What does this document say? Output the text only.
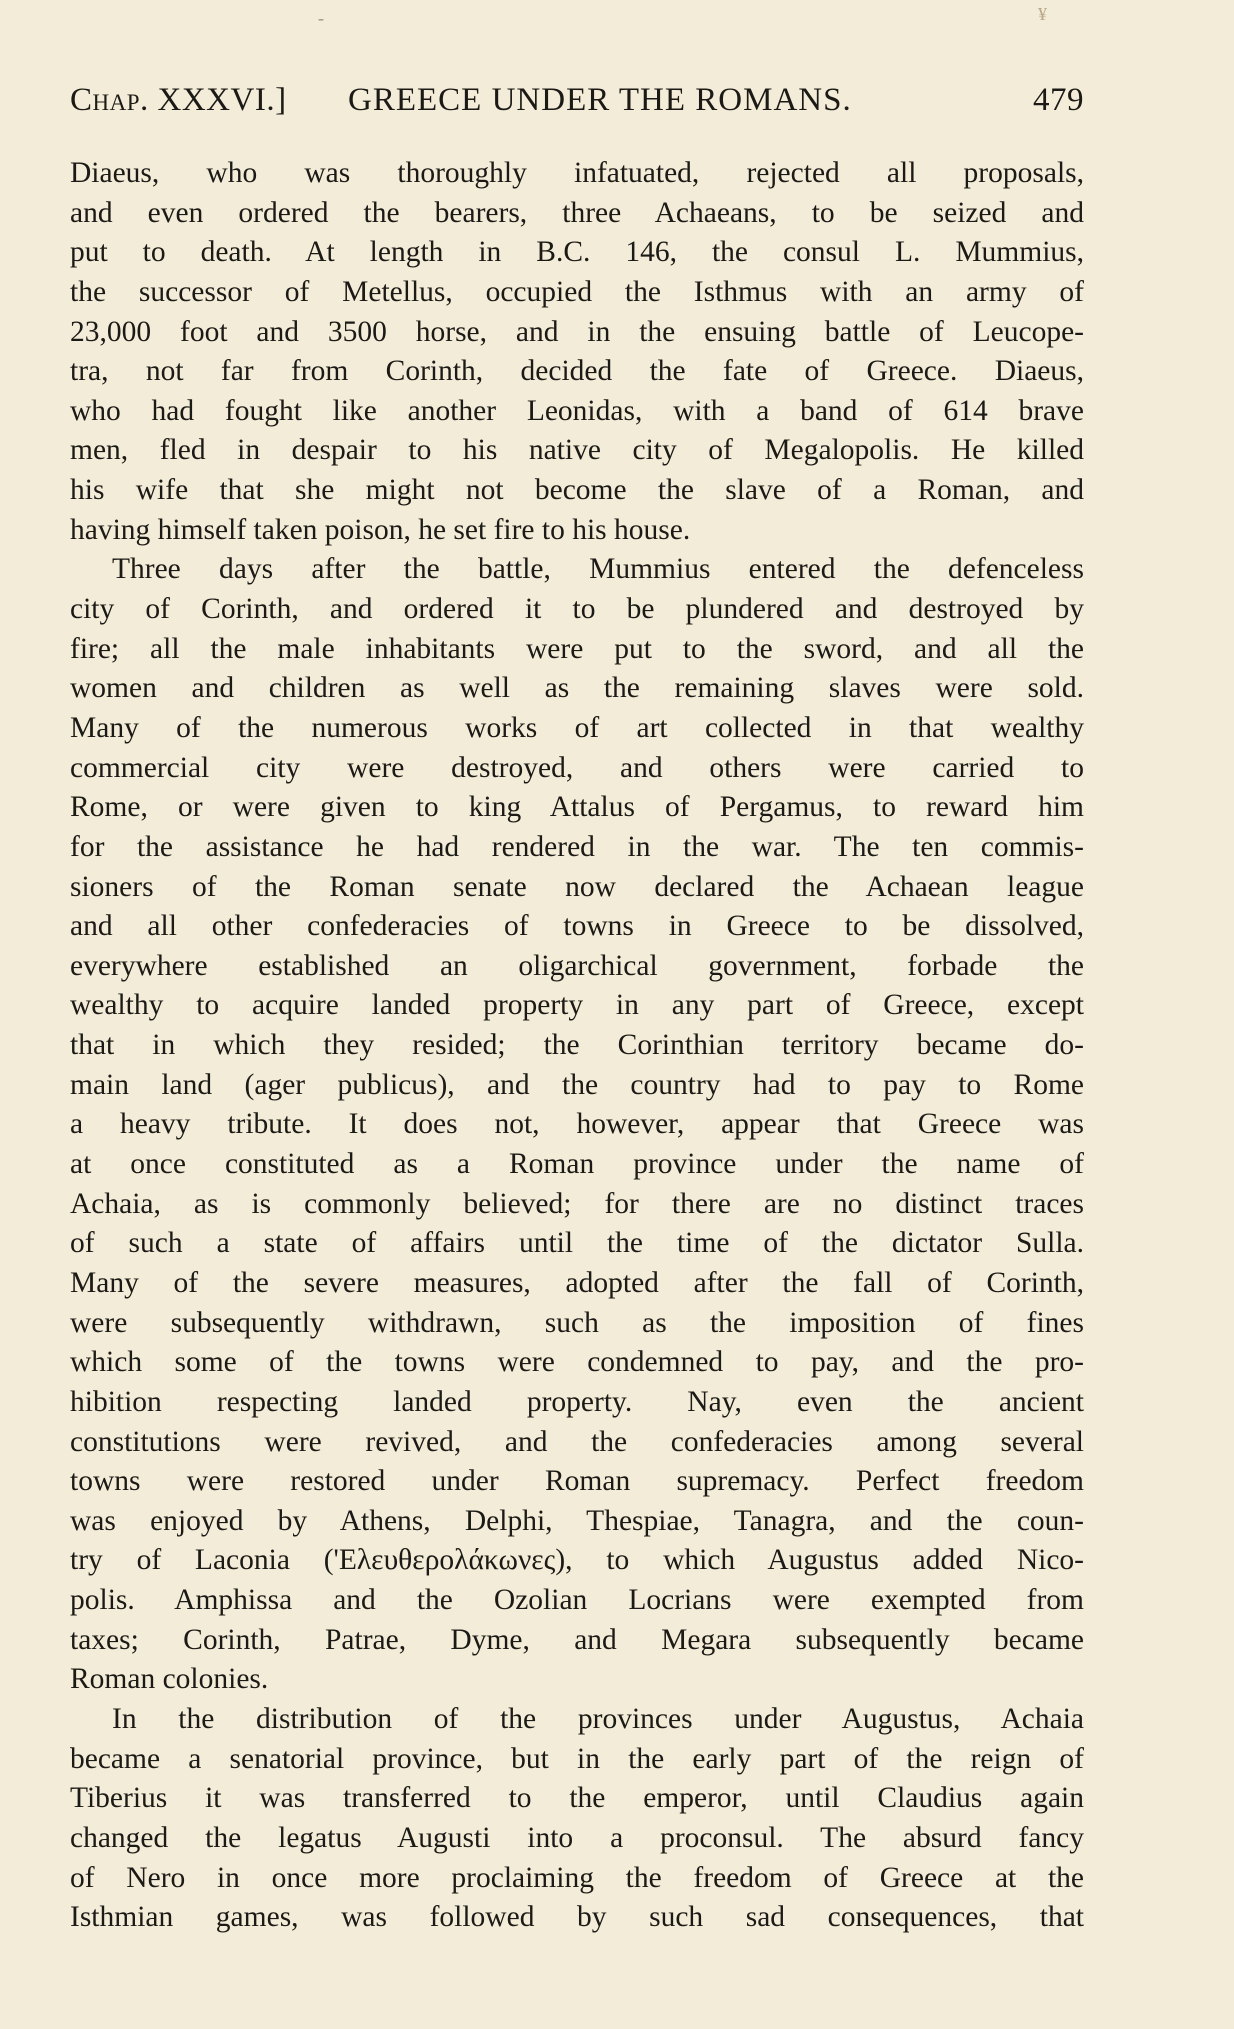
-	¥
Chap. XXXVI.] GREECE UNDER THE ROMANS.	479
Diaeus, who was thoroughly infatuated, rejected all proposals,
and even ordered the bearers, three Achaeans, to be seized and
put to death. At length in B.C. 146, the consul L. Mummius,
the successor of Metellus, occupied the Isthmus with an army of
23,000 foot and 3500 horse, and in the ensuing battle of Leucope-
tra, not far from Corinth, decided the fate of Greece. Diaeus,
who had fought like another Leonidas, with a band of 614 brave
men, fled in despair to his native city of Megalopolis. He killed
his wife that she might not become the slave of a Roman, and
having himself taken poison, he set fire to his house.
Three days after the battle, Mummius entered the defenceless
city of Corinth, and ordered it to be plundered and destroyed by
fire; all the male inhabitants were put to the sword, and all the
women and children as well as the remaining slaves were sold.
Many of the numerous works of art collected in that wealthy
commercial city were destroyed, and others were carried to
Rome, or were given to king Attalus of Pergamus, to reward him
for the assistance he had rendered in the war. The ten commis-
sioners of the Roman senate now declared the Achaean league
and all other confederacies of towns in Greece to be dissolved,
everywhere established an oligarchical government, forbade the
wealthy to acquire landed property in any part of Greece, except
that in which they resided; the Corinthian territory became do-
main land (ager publicus), and the country had to pay to Rome
a heavy tribute. It does not, however, appear that Greece was
at once constituted as a Roman province under the name of
Achaia, as is commonly believed; for there are no distinct traces
of such a state of affairs until the time of the dictator Sulla.
Many of the severe measures, adopted after the fall of Corinth,
were subsequently withdrawn, such as the imposition of fines
which some of the towns were condemned to pay, and the pro-
hibition respecting landed property. Nay, even the ancient
constitutions were revived, and the confederacies among several
towns were restored under Roman supremacy. Perfect freedom
was enjoyed by Athens, Delphi, Thespiae, Tanagra, and the coun-
try of Laconia ('Ελευθερολάκωνες), to which Augustus added Nico-
polis. Amphissa and the Ozolian Locrians were exempted from
taxes; Corinth, Patrae, Dyme, and Megara subsequently became
Roman colonies.
In the distribution of the provinces under Augustus, Achaia
became a senatorial province, but in the early part of the reign of
Tiberius it was transferred to the emperor, until Claudius again
changed the legatus Augusti into a proconsul. The absurd fancy
of Nero in once more proclaiming the freedom of Greece at the
Isthmian games, was followed by such sad consequences, that
